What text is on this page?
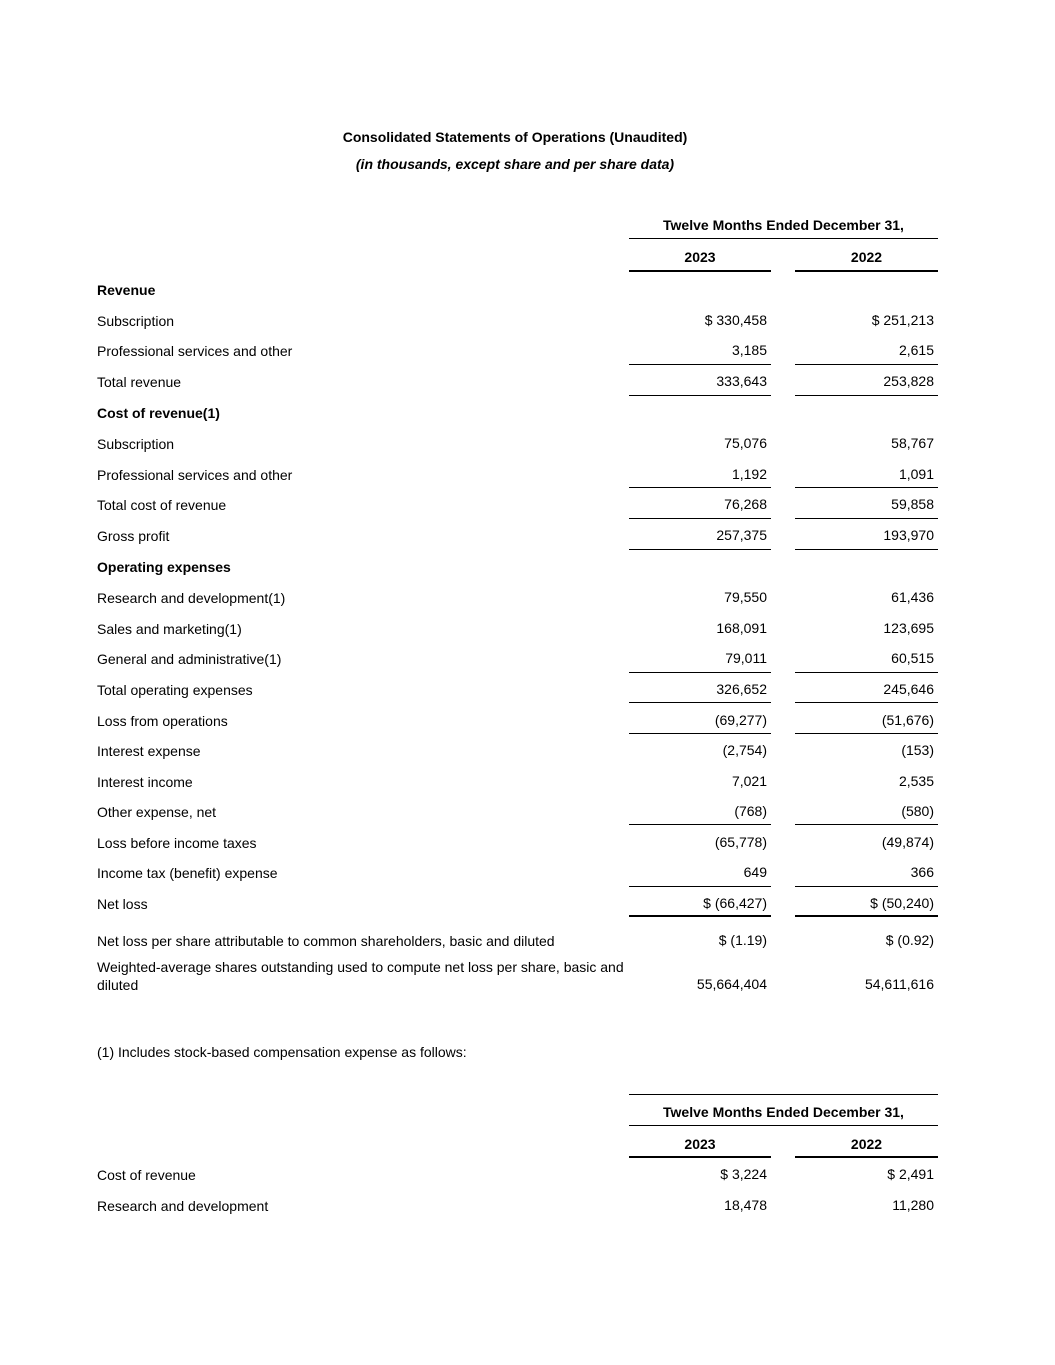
Consolidated Statements of Operations (Unaudited)
(in thousands, except share and per share data)
Twelve Months Ended December 31,
2023	2022
Revenue
Subscription	$ 330,458	$ 251,213
Professional services and other	3,185	2,615
Total revenue	333,643	253,828
Cost of revenue(1)
Subscription	75,076	58,767
Professional services and other	1,192	1,091
Total cost of revenue	76,268	59,858
Gross profit	257,375	193,970
Operating expenses
Research and development(1)	79,550	61,436
Sales and marketing(1)	168,091	123,695
General and administrative(1)	79,011	60,515
Total operating expenses	326,652	245,646
Loss from operations	(69,277)	(51,676)
Interest expense	(2,754)	(153)
Interest income	7,021	2,535
Other expense, net	(768)	(580)
Loss before income taxes	(65,778)	(49,874)
Income tax (benefit) expense	649	366
Net loss	$ (66,427)	$ (50,240)
Net loss per share attributable to common shareholders, basic and diluted	$ (1.19)	$ (0.92)
Weighted-average shares outstanding used to compute net loss per share, basic and diluted	55,664,404	54,611,616
(1) Includes stock-based compensation expense as follows:
Twelve Months Ended December 31,
2023	2022
Cost of revenue	$ 3,224	$ 2,491
Research and development	18,478	11,280
